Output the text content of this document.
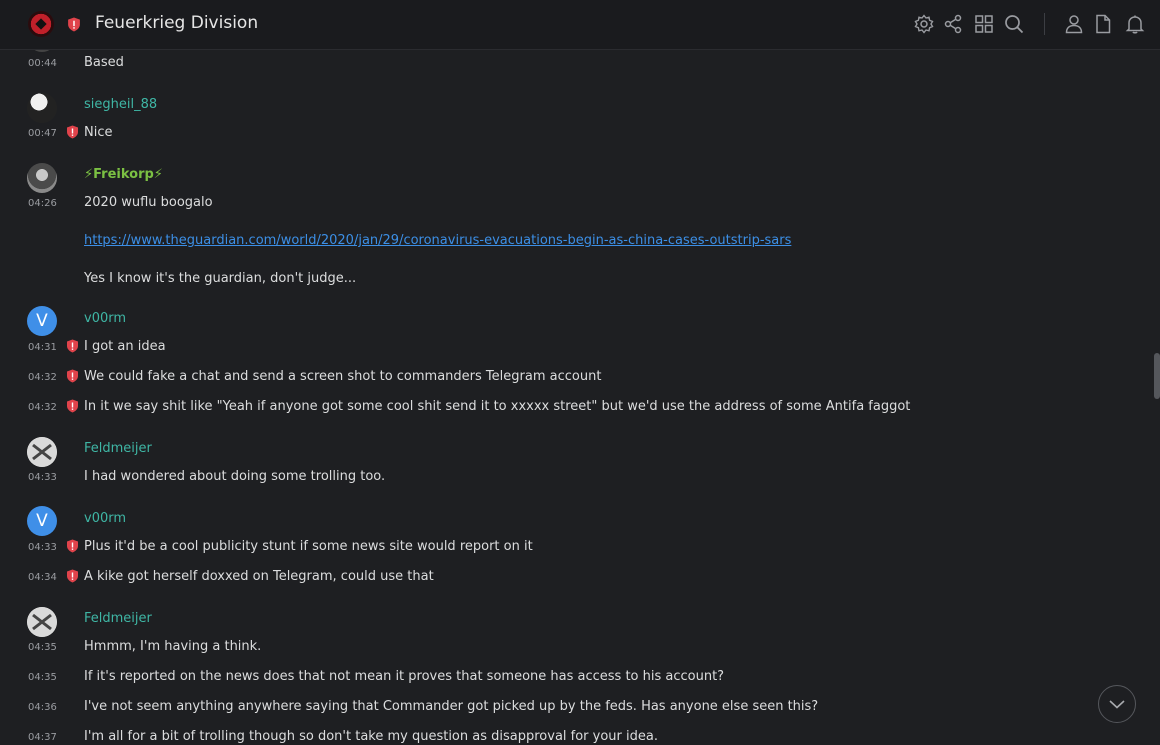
00:44 Based
siegheil_88
00:47 Nice
⚡Freikorp⚡
04:26 2020 wuflu boogalo
https://www.theguardian.com/world/2020/jan/29/coronavirus-evacuations-begin-as-china-cases-outstrip-sars
Yes I know it's the guardian, don't judge...
V	v00rm
04:31 I got an idea
04:32 We could fake a chat and send a screen shot to commanders Telegram account
04:32 In it we say shit like "Yeah if anyone got some cool shit send it to xxxxx street" but we'd use the address of some Antifa faggot
Feldmeijer
04:33 I had wondered about doing some trolling too.
V	v00rm
04:33 Plus it'd be a cool publicity stunt if some news site would report on it
04:34 A kike got herself doxxed on Telegram, could use that
Feldmeijer
04:35 Hmmm, I'm having a think.
04:35 If it's reported on the news does that not mean it proves that someone has access to his account?
04:36 I've not seem anything anywhere saying that Commander got picked up by the feds. Has anyone else seen this?
04:37 I'm all for a bit of trolling though so don't take my question as disapproval for your idea.
Feuerkrieg Division
